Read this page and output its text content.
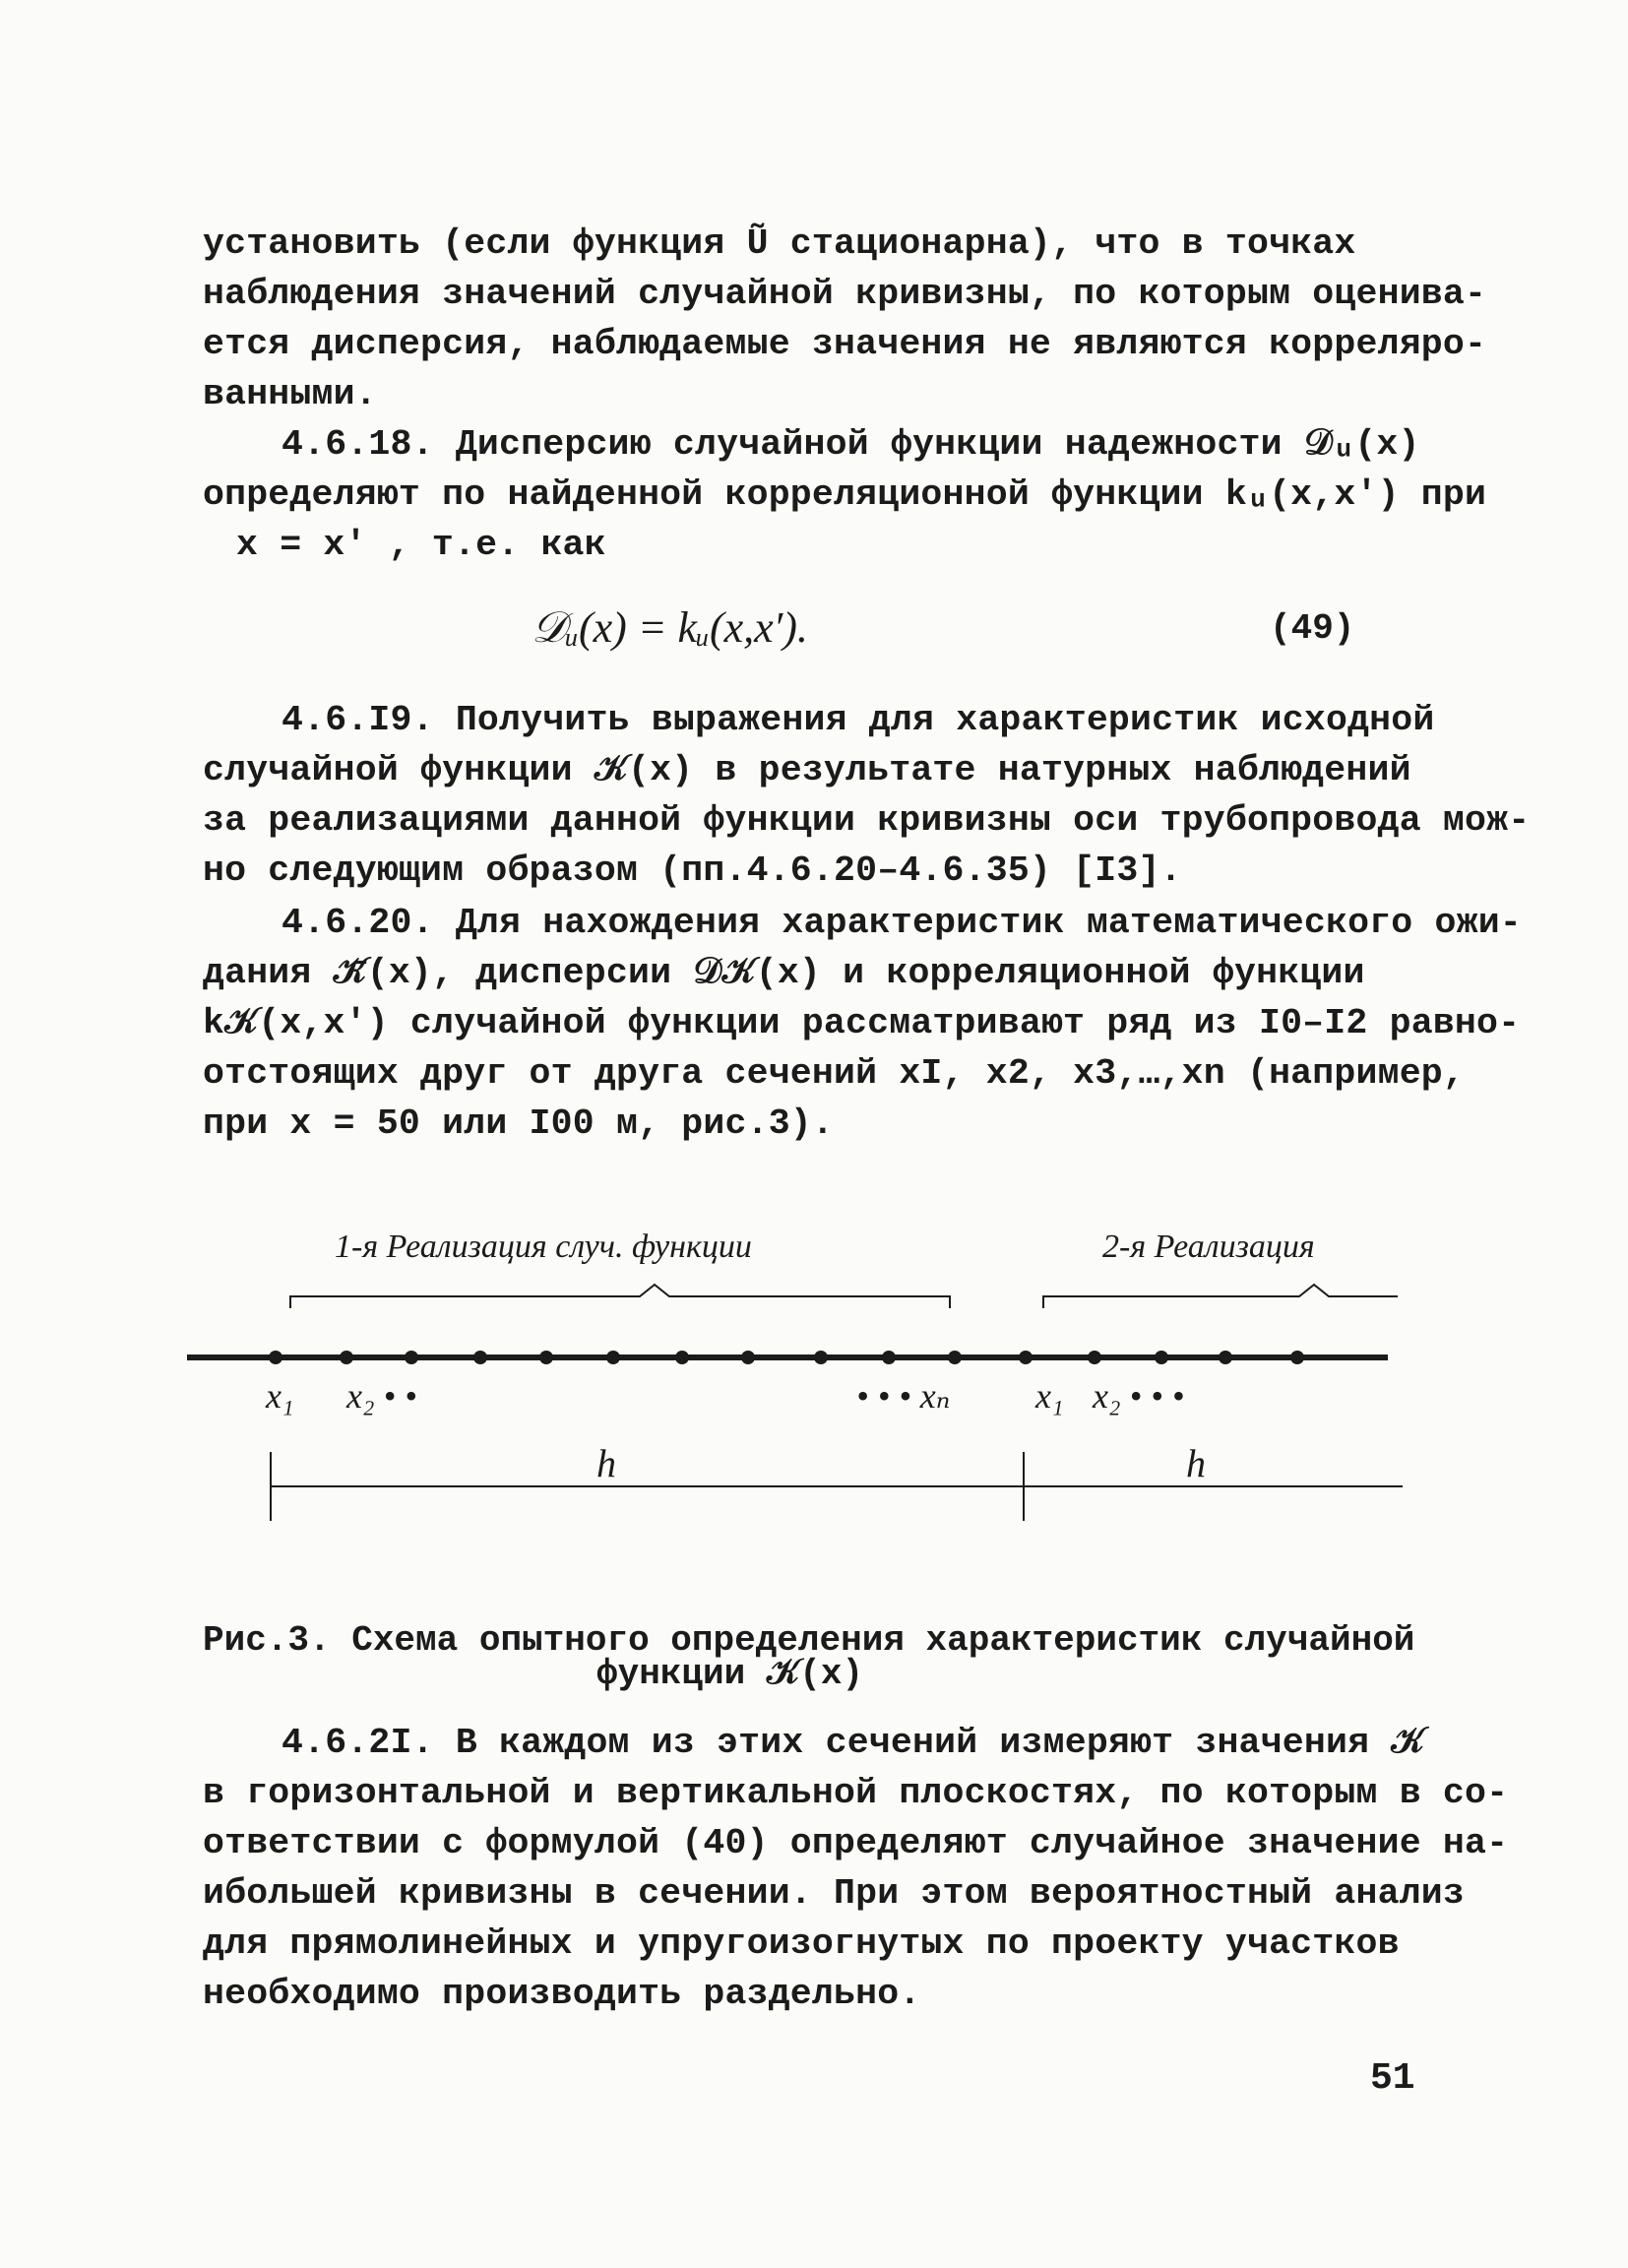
установить (если функция Ũ стационарна), что в точках
наблюдения значений случайной кривизны, по которым оценива-
ется дисперсия, наблюдаемые значения не являются корреляро-
ванными.
4.6.18. Дисперсию случайной функции надежности 𝒟ᵤ(x)
определяют по найденной корреляционной функции kᵤ(x,x′) при
x = x′ , т.е. как
𝒟ᵤ(x) = kᵤ(x,x′).	(49)
4.6.I9. Получить выражения для характеристик исходной
случайной функции 𝒦(x) в результате натурных наблюдений
за реализациями данной функции кривизны оси трубопровода мож-
но следующим образом (пп.4.6.20–4.6.35) [I3].
4.6.20. Для нахождения характеристик математического ожи-
дания 𝒦̄(x), дисперсии 𝒟𝒦(x) и корреляционной функции
k𝒦(x,x′) случайной функции рассматривают ряд из I0–I2 равно-
отстоящих друг от друга сечений xI, x2, x3,…,xn (например,
при x = 50 или I00 м, рис.3).
1-я Реализация случ. функции	2-я Реализация
x₁ x₂ • •	• • • xₙ x₁ x₂ • • •
h	h
Рис.3. Схема опытного определения характеристик случайной
функции 𝒦(x)
4.6.2I. В каждом из этих сечений измеряют значения 𝒦
в горизонтальной и вертикальной плоскостях, по которым в со-
ответствии с формулой (40) определяют случайное значение на-
ибольшей кривизны в сечении. При этом вероятностный анализ
для прямолинейных и упругоизогнутых по проекту участков
необходимо производить раздельно.
51
